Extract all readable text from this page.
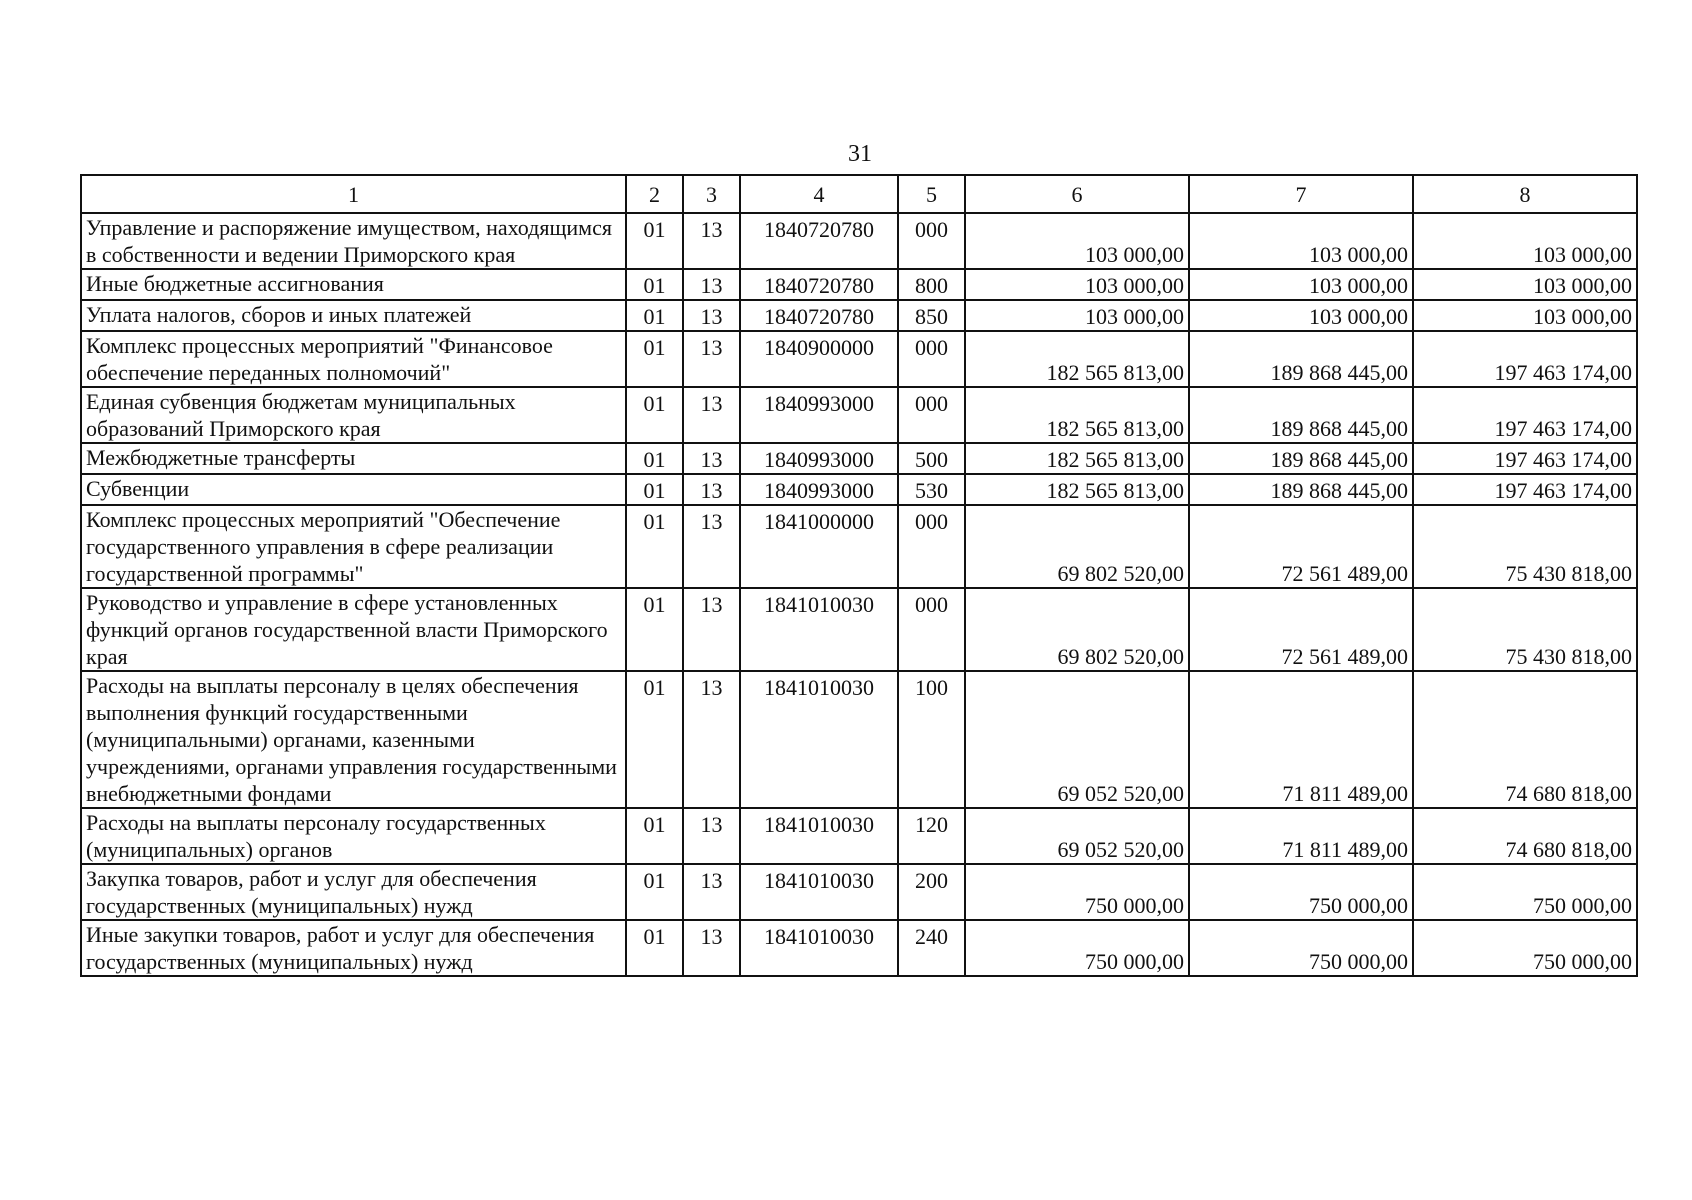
31
1	2	3	4	5	6	7	8
Управление и распоряжение имуществом, находящимся в собственности и ведении Приморского края	01	13	1840720780	000	103 000,00	103 000,00	103 000,00
Иные бюджетные ассигнования	01	13	1840720780	800	103 000,00	103 000,00	103 000,00
Уплата налогов, сборов и иных платежей	01	13	1840720780	850	103 000,00	103 000,00	103 000,00
Комплекс процессных мероприятий "Финансовое обеспечение переданных полномочий"	01	13	1840900000	000	182 565 813,00	189 868 445,00	197 463 174,00
Единая субвенция бюджетам муниципальных образований Приморского края	01	13	1840993000	000	182 565 813,00	189 868 445,00	197 463 174,00
Межбюджетные трансферты	01	13	1840993000	500	182 565 813,00	189 868 445,00	197 463 174,00
Субвенции	01	13	1840993000	530	182 565 813,00	189 868 445,00	197 463 174,00
Комплекс процессных мероприятий "Обеспечение государственного управления в сфере реализации государственной программы"	01	13	1841000000	000	69 802 520,00	72 561 489,00	75 430 818,00
Руководство и управление в сфере установленных функций органов государственной власти Приморского края	01	13	1841010030	000	69 802 520,00	72 561 489,00	75 430 818,00
Расходы на выплаты персоналу в целях обеспечения выполнения функций государственными (муниципальными) органами, казенными учреждениями, органами управления государственными внебюджетными фондами	01	13	1841010030	100	69 052 520,00	71 811 489,00	74 680 818,00
Расходы на выплаты персоналу государственных (муниципальных) органов	01	13	1841010030	120	69 052 520,00	71 811 489,00	74 680 818,00
Закупка товаров, работ и услуг для обеспечения государственных (муниципальных) нужд	01	13	1841010030	200	750 000,00	750 000,00	750 000,00
Иные закупки товаров, работ и услуг для обеспечения государственных (муниципальных) нужд	01	13	1841010030	240	750 000,00	750 000,00	750 000,00
